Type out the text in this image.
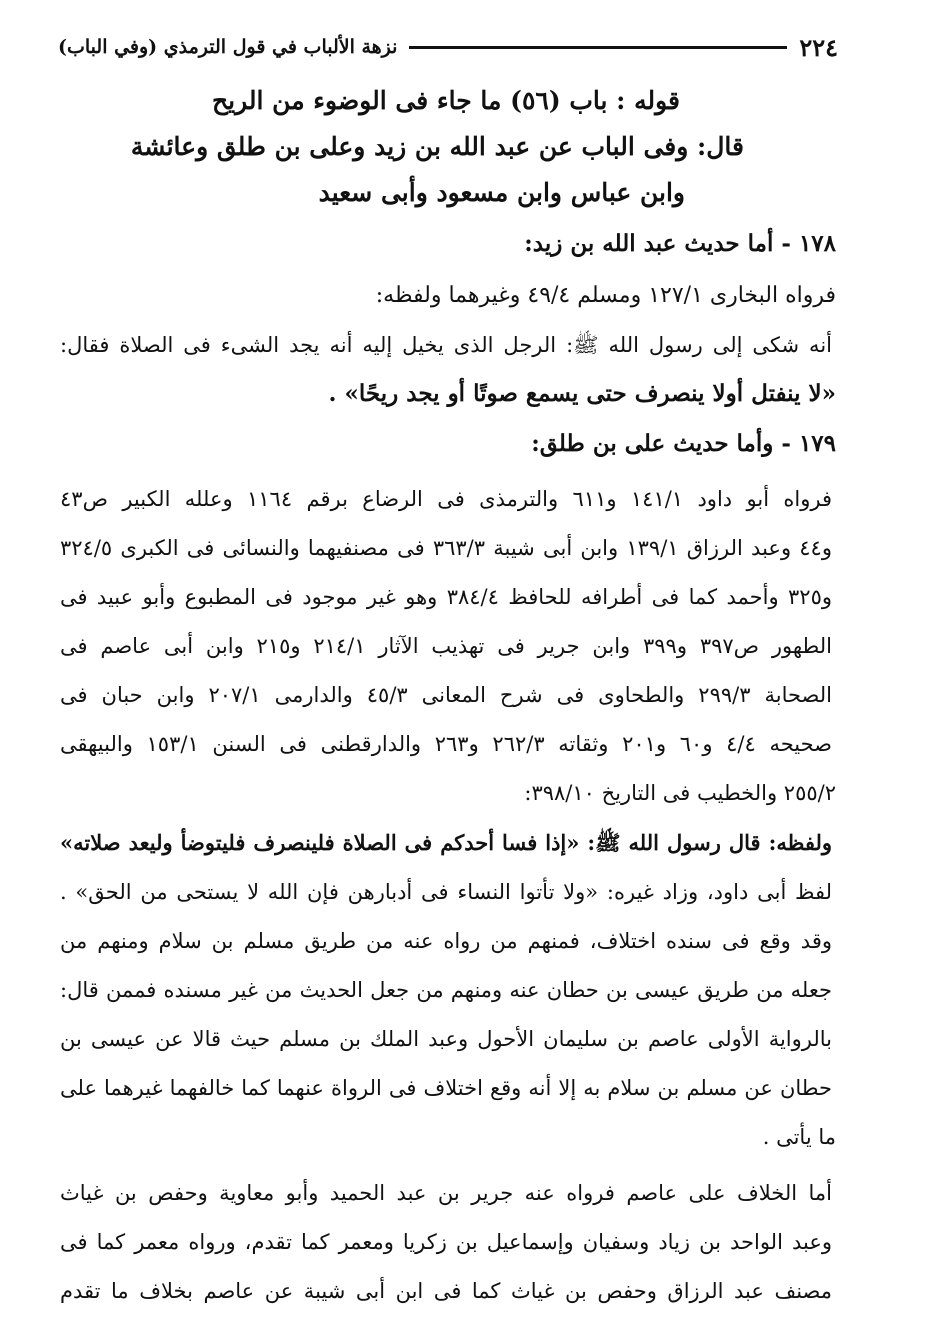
٢٢٤
نزهة الألباب في قول الترمذي (وفي الباب)
قوله : باب (٥٦) ما جاء فى الوضوء من الريح
قال: وفى الباب عن عبد الله بن زيد وعلى بن طلق وعائشة
وابن عباس وابن مسعود وأبى سعيد
١٧٨ - أما حديث عبد الله بن زيد:
فرواه البخارى ١٢٧/١ ومسلم ٤٩/٤ وغيرهما ولفظه:
أنه شكى إلى رسول الله ﷺ: الرجل الذى يخيل إليه أنه يجد الشىء فى الصلاة فقال:
«لا ينفتل أولا ينصرف حتى يسمع صوتًا أو يجد ريحًا» .
١٧٩ - وأما حديث على بن طلق:
فرواه أبو داود ١٤١/١ و٦١١ والترمذى فى الرضاع برقم ١١٦٤ وعلله الكبير ص٤٣
و٤٤ وعبد الرزاق ١٣٩/١ وابن أبى شيبة ٣٦٣/٣ فى مصنفيهما والنسائى فى الكبرى ٣٢٤/٥
و٣٢٥ وأحمد كما فى أطرافه للحافظ ٣٨٤/٤ وهو غير موجود فى المطبوع وأبو عبيد فى
الطهور ص٣٩٧ و٣٩٩ وابن جرير فى تهذيب الآثار ٢١٤/١ و٢١٥ وابن أبى عاصم فى
الصحابة ٢٩٩/٣ والطحاوى فى شرح المعانى ٤٥/٣ والدارمى ٢٠٧/١ وابن حبان فى
صحيحه ٤/٤ و٦٠ و٢٠١ وثقاته ٢٦٢/٣ و٢٦٣ والدارقطنى فى السنن ١٥٣/١ والبيهقى
٢٥٥/٢ والخطيب فى التاريخ ٣٩٨/١٠:
ولفظه: قال رسول الله ﷺ: «إذا فسا أحدكم فى الصلاة فلينصرف فليتوضأ وليعد صلاته»
لفظ أبى داود، وزاد غيره: «ولا تأتوا النساء فى أدبارهن فإن الله لا يستحى من الحق» .
وقد وقع فى سنده اختلاف، فمنهم من رواه عنه من طريق مسلم بن سلام ومنهم من
جعله من طريق عيسى بن حطان عنه ومنهم من جعل الحديث من غير مسنده فممن قال:
بالرواية الأولى عاصم بن سليمان الأحول وعبد الملك بن مسلم حيث قالا عن عيسى بن
حطان عن مسلم بن سلام به إلا أنه وقع اختلاف فى الرواة عنهما كما خالفهما غيرهما على
ما يأتى .
أما الخلاف على عاصم فرواه عنه جرير بن عبد الحميد وأبو معاوية وحفص بن غياث
وعبد الواحد بن زياد وسفيان وإسماعيل بن زكريا ومعمر كما تقدم، ورواه معمر كما فى
مصنف عبد الرزاق وحفص بن غياث كما فى ابن أبى شيبة عن عاصم بخلاف ما تقدم
